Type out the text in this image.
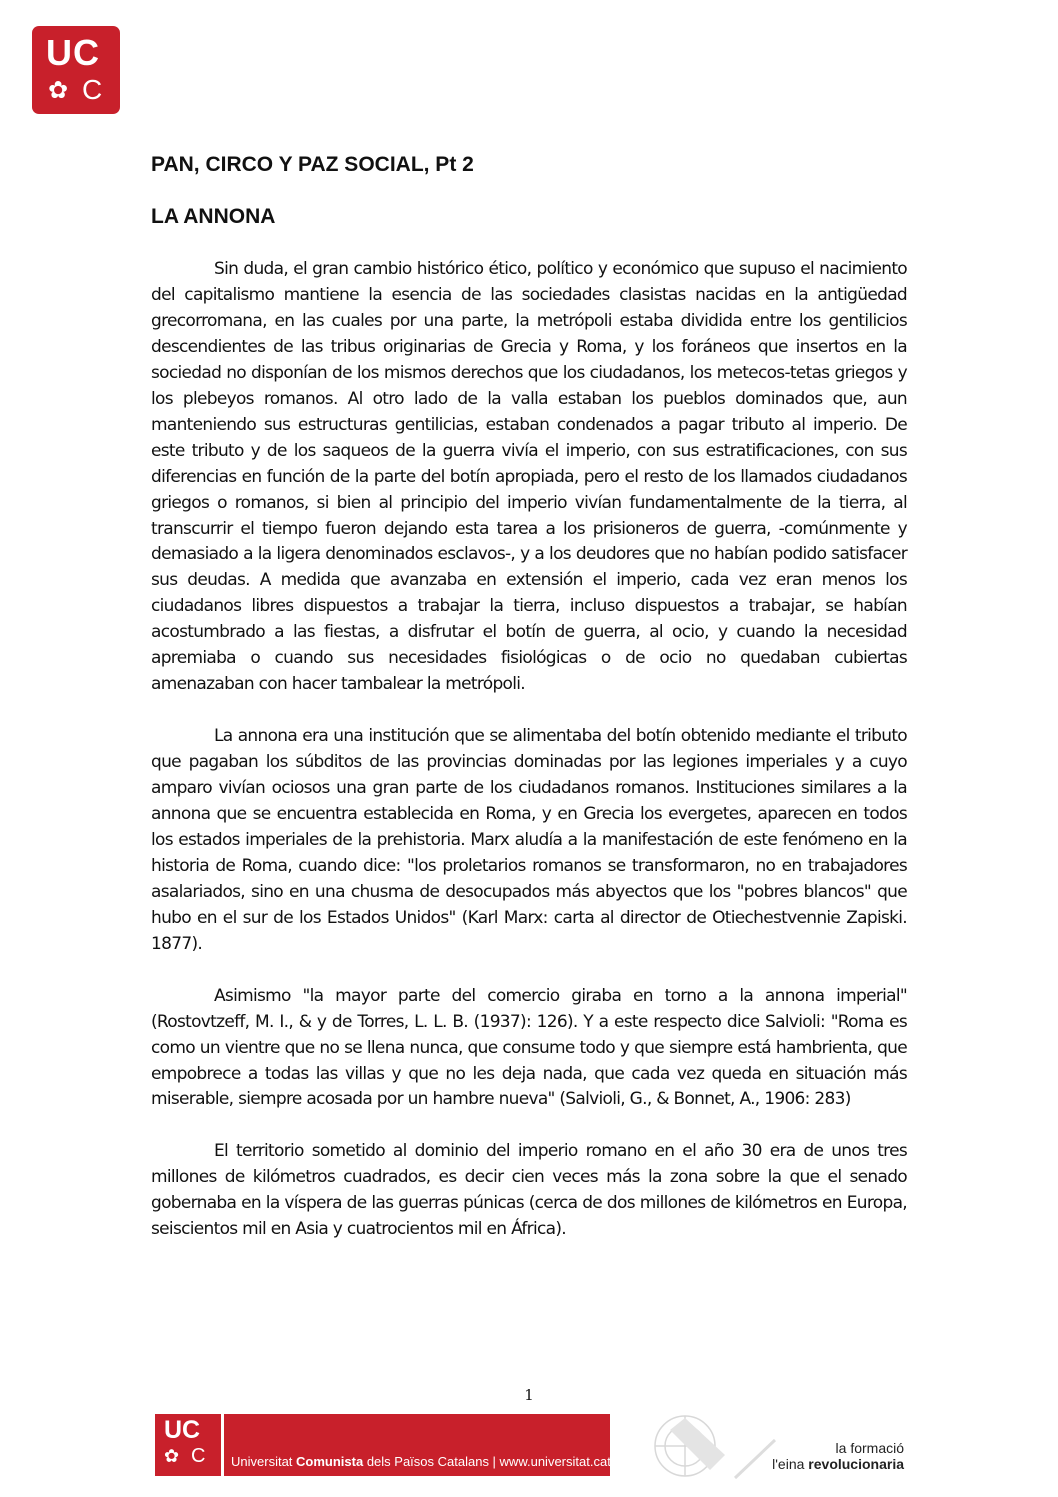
UC
✿ C
PAN, CIRCO Y PAZ SOCIAL, Pt 2
LA ANNONA

Sin duda, el gran cambio histórico ético, político y económico que supuso el nacimiento del capitalismo mantiene la esencia de las sociedades clasistas nacidas en la antigüedad grecorromana, en las cuales por una parte, la metrópoli estaba dividida entre los gentilicios descendientes de las tribus originarias de Grecia y Roma, y los foráneos que insertos en la sociedad no disponían de los mismos derechos que los ciudadanos, los metecos-tetas griegos y los plebeyos romanos. Al otro lado de la valla estaban los pueblos dominados que, aun manteniendo sus estructuras gentilicias, estaban condenados a pagar tributo al imperio. De este tributo y de los saqueos de la guerra vivía el imperio, con sus estratificaciones, con sus diferencias en función de la parte del botín apropiada, pero el resto de los llamados ciudadanos griegos o romanos, si bien al principio del imperio vivían fundamentalmente de la tierra, al transcurrir el tiempo fueron dejando esta tarea a los prisioneros de guerra, -comúnmente y demasiado a la ligera denominados esclavos-, y a los deudores que no habían podido satisfacer sus deudas. A medida que avanzaba en extensión el imperio, cada vez eran menos los ciudadanos libres dispuestos a trabajar la tierra, incluso dispuestos a trabajar, se habían acostumbrado a las fiestas, a disfrutar el botín de guerra, al ocio, y cuando la necesidad apremiaba o cuando sus necesidades fisiológicas o de ocio no quedaban cubiertas amenazaban con hacer tambalear la metrópoli.

La annona era una institución que se alimentaba del botín obtenido mediante el tributo que pagaban los súbditos de las provincias dominadas por las legiones imperiales y a cuyo amparo vivían ociosos una gran parte de los ciudadanos romanos. Instituciones similares a la annona que se encuentra establecida en Roma, y en Grecia los evergetes, aparecen en todos los estados imperiales de la prehistoria. Marx aludía a la manifestación de este fenómeno en la historia de Roma, cuando dice: "los proletarios romanos se transformaron, no en trabajadores asalariados, sino en una chusma de desocupados más abyectos que los "pobres blancos" que hubo en el sur de los Estados Unidos" (Karl Marx: carta al director de Otiechestvennie Zapiski. 1877).

Asimismo "la mayor parte del comercio giraba en torno a la annona imperial" (Rostovtzeff, M. I., & y de Torres, L. L. B. (1937): 126). Y a este respecto dice Salvioli: "Roma es como un vientre que no se llena nunca, que consume todo y que siempre está hambrienta, que empobrece a todas las villas y que no les deja nada, que cada vez queda en situación más miserable, siempre acosada por un hambre nueva" (Salvioli, G., & Bonnet, A., 1906: 283)

El territorio sometido al dominio del imperio romano en el año 30 era de unos tres millones de kilómetros cuadrados, es decir cien veces más la zona sobre la que el senado gobernaba en la víspera de las guerras púnicas (cerca de dos millones de kilómetros en Europa, seiscientos mil en Asia y cuatrocientos mil en África).

1
UC
✿ C Universitat Comunista dels Països Catalans | www.universitat.cat
la formació
l'eina revolucionaria
